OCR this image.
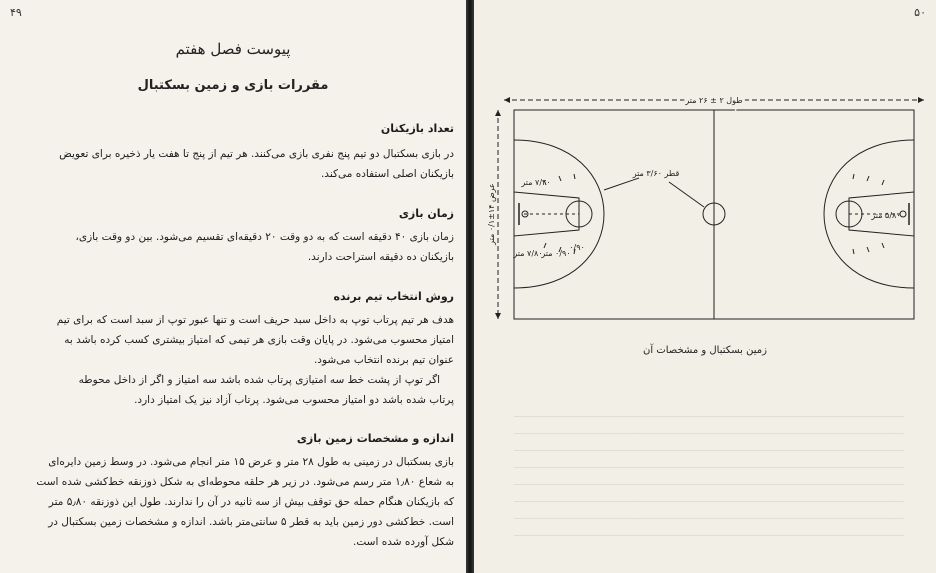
۴۹
پیوست فصل هفتم
مقررات بازی و زمین بسکتبال
تعداد بازیکنان

در بازی بسکتبال دو تیم پنج نفری بازی می‌کنند. هر تیم از پنج تا هفت یار ذخیره برای تعویض

بازیکنان اصلی استفاده می‌کند.

زمان بازی

زمان بازی ۴۰ دقیقه است که به دو وقت ۲۰ دقیقه‌ای تقسیم می‌شود. بین دو وقت بازی،

بازیکنان ده دقیقه استراحت دارند.

روش انتخاب تیم برنده

هدف هر تیم پرتاب توپ به داخل سبد حریف است و تنها عبور توپ از سبد است که برای تیم

امتیاز محسوب می‌شود. در پایان وقت بازی هر تیمی که امتیاز بیشتری کسب کرده باشد به

عنوان تیم برنده انتخاب می‌شود.

اگر توپ از پشت خط سه امتیازی پرتاب شده باشد سه امتیاز و اگر از داخل محوطه

پرتاب شده باشد دو امتیاز محسوب می‌شود. پرتاب آزاد نیز یک امتیاز دارد.

اندازه و مشخصات زمین بازی

بازی بسکتبال در زمینی به طول ۲۸ متر و عرض ۱۵ متر انجام می‌شود. در وسط زمین دایره‌ای

به شعاع ۱٫۸۰ متر رسم می‌شود. در زیر هر حلقه محوطه‌ای به شکل ذوزنقه خط‌کشی شده است

که بازیکنان هنگام حمله حق توقف بیش از سه ثانیه در آن را ندارند. طول این ذوزنقه ۵٫۸۰ متر

است. خط‌کشی دور زمین باید به قطر ۵ سانتی‌متر باشد. اندازه و مشخصات زمین بسکتبال در

شکل آورده شده است.

۵۰
طول ۲ ± ۲۶ متر
عرض ۱۴±۰/۱ متر
قطر ۳/۶۰ متر
۷/۲۰ متر
۷/۸۰ متر
۰/۹۰ متر
۰/۹۰
۵/۸۰ متر
زمین بسکتبال و مشخصات آن
